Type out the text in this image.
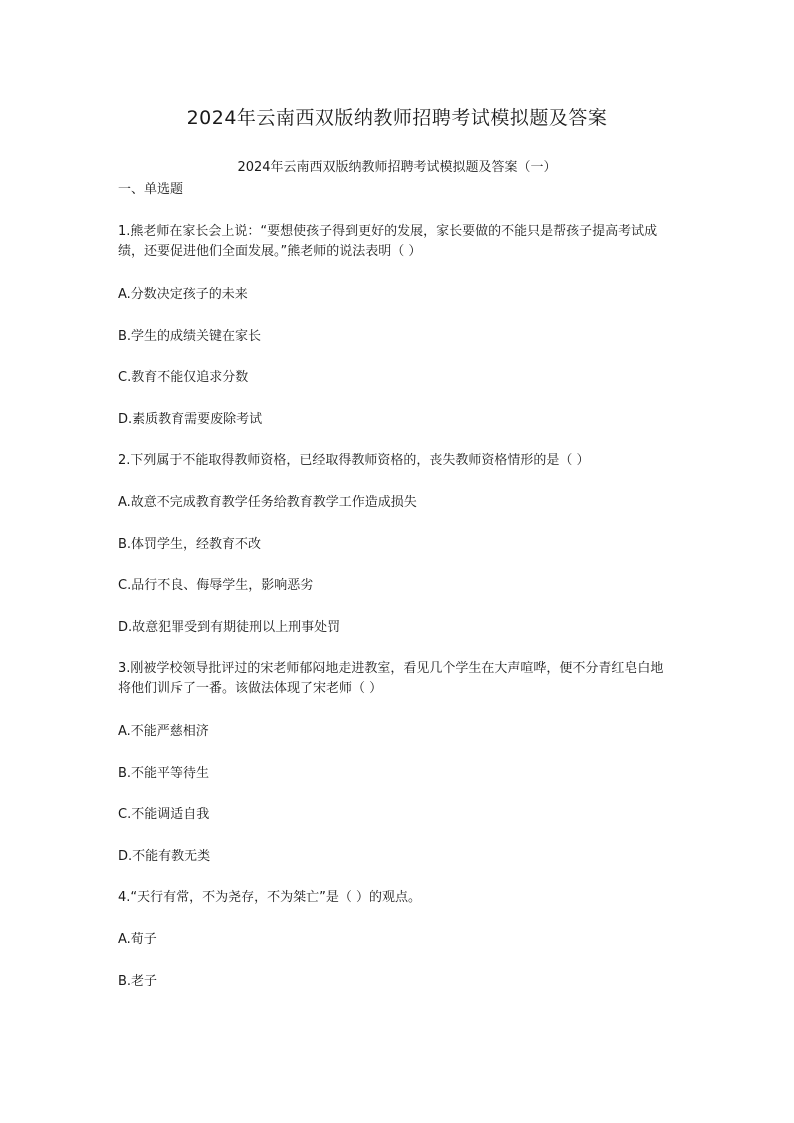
2024年云南西双版纳教师招聘考试模拟题及答案
2024年云南西双版纳教师招聘考试模拟题及答案（一）
一、单选题
1.熊老师在家长会上说：“要想使孩子得到更好的发展，家长要做的不能只是帮孩子提高考试成绩，还要促进他们全面发展。”熊老师的说法表明（ ）
A.分数决定孩子的未来
B.学生的成绩关键在家长
C.教育不能仅追求分数
D.素质教育需要废除考试
2.下列属于不能取得教师资格，已经取得教师资格的，丧失教师资格情形的是（ ）
A.故意不完成教育教学任务给教育教学工作造成损失
B.体罚学生，经教育不改
C.品行不良、侮辱学生，影响恶劣
D.故意犯罪受到有期徒刑以上刑事处罚
3.刚被学校领导批评过的宋老师郁闷地走进教室，看见几个学生在大声喧哗，便不分青红皂白地将他们训斥了一番。该做法体现了宋老师（ ）
A.不能严慈相济
B.不能平等待生
C.不能调适自我
D.不能有教无类
4.“天行有常，不为尧存，不为桀亡”是（ ）的观点。
A.荀子
B.老子
